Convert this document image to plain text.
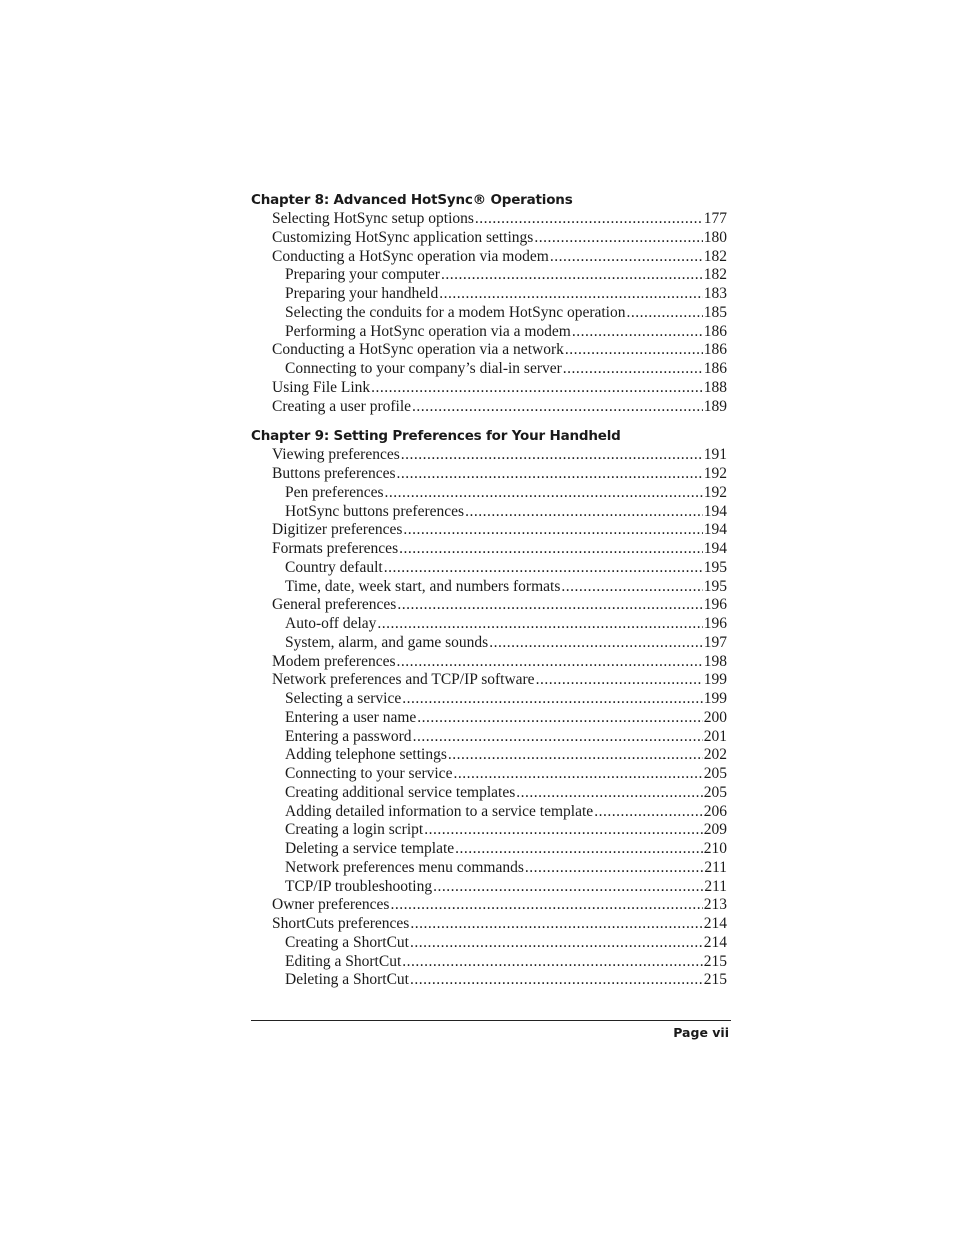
Chapter 8: Advanced HotSync® Operations
Selecting HotSync setup options .....	177
Customizing HotSync application settings .....	180
Conducting a HotSync operation via modem .....	182
Preparing your computer .....	182
Preparing your handheld .....	183
Selecting the conduits for a modem HotSync operation .....	185
Performing a HotSync operation via a modem .....	186
Conducting a HotSync operation via a network .....	186
Connecting to your company’s dial-in server .....	186
Using File Link .....	188
Creating a user profile .....	189
Chapter 9: Setting Preferences for Your Handheld
Viewing preferences .....	191
Buttons preferences .....	192
Pen preferences .....	192
HotSync buttons preferences .....	194
Digitizer preferences .....	194
Formats preferences .....	194
Country default .....	195
Time, date, week start, and numbers formats .....	195
General preferences .....	196
Auto-off delay .....	196
System, alarm, and game sounds .....	197
Modem preferences .....	198
Network preferences and TCP/IP software .....	199
Selecting a service .....	199
Entering a user name .....	200
Entering a password .....	201
Adding telephone settings .....	202
Connecting to your service .....	205
Creating additional service templates .....	205
Adding detailed information to a service template .....	206
Creating a login script .....	209
Deleting a service template .....	210
Network preferences menu commands .....	211
TCP/IP troubleshooting .....	211
Owner preferences .....	213
ShortCuts preferences .....	214
Creating a ShortCut .....	214
Editing a ShortCut .....	215
Deleting a ShortCut .....	215
Page vii
